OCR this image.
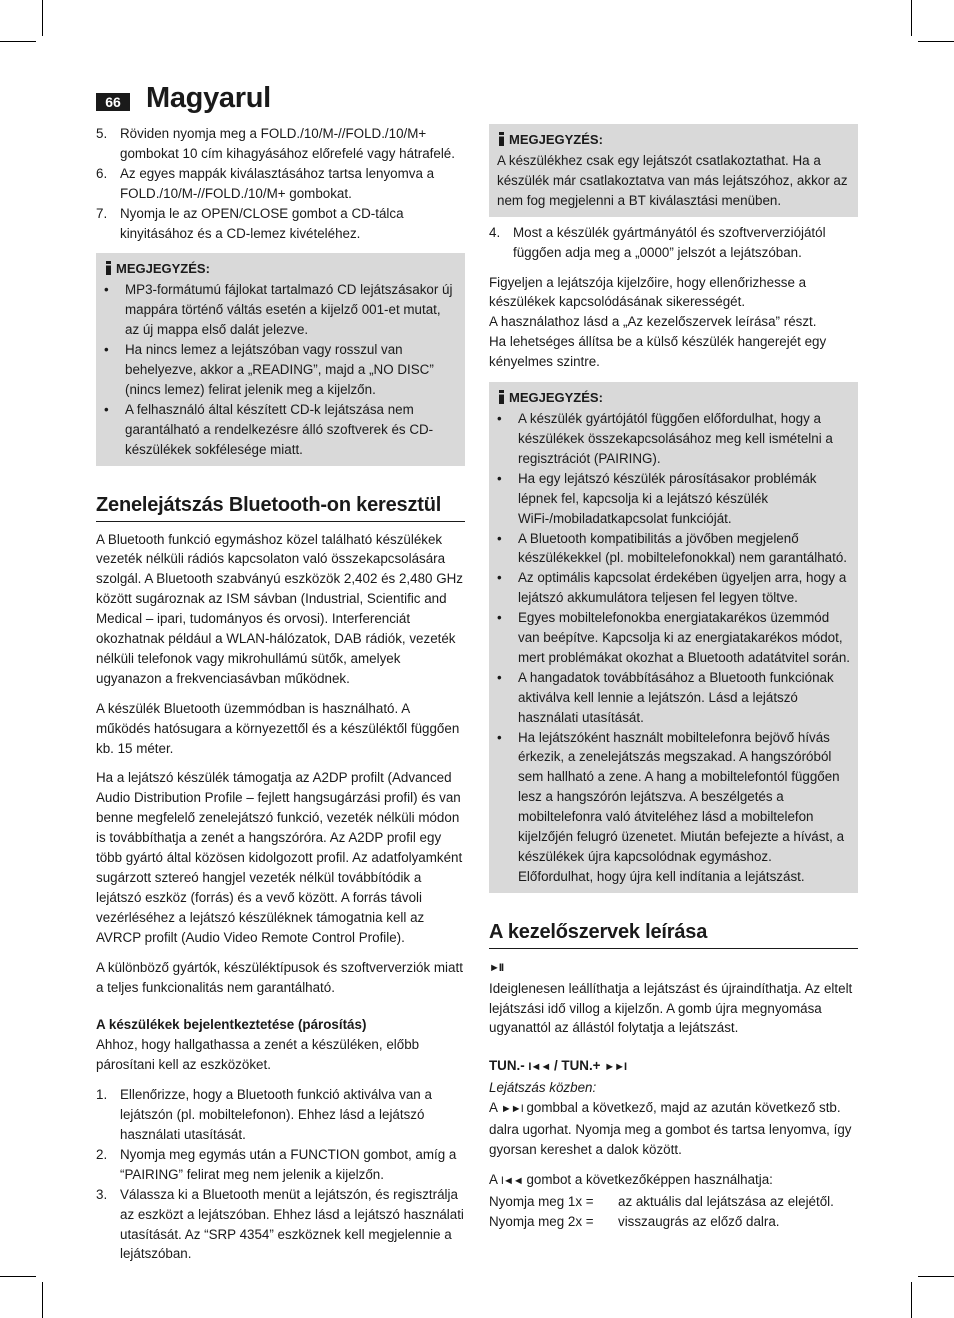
66 Magyarul
5. Röviden nyomja meg a FOLD./10/M-//FOLD./10/M+ gombokat 10 cím kihagyásához előrefelé vagy hátrafelé.
6. Az egyes mappák kiválasztásához tartsa lenyomva a FOLD./10/M-//FOLD./10/M+ gombokat.
7. Nyomja le az OPEN/CLOSE gombot a CD-tálca kinyitásához és a CD-lemez kivételéhez.
MEGJEGYZÉS:
• MP3-formátumú fájlokat tartalmazó CD lejátszásakor új mappára történő váltás esetén a kijelző 001-et mutat, az új mappa első dalát jelezve.
• Ha nincs lemez a lejátszóban vagy rosszul van behelyezve, akkor a „READING”, majd a „NO DISC” (nincs lemez) felirat jelenik meg a kijelzőn.
• A felhasználó által készített CD-k lejátszása nem garantálható a rendelkezésre álló szoftverek és CD-készülékek sokfélesége miatt.
Zenelejátszás Bluetooth-on keresztül

A Bluetooth funkció egymáshoz közel található készülékek vezeték nélküli rádiós kapcsolaton való összekapcsolására szolgál. A Bluetooth szabványú eszközök 2,402 és 2,480 GHz között sugároznak az ISM sávban (Industrial, Scientific and Medical – ipari, tudományos és orvosi). Interferenciát okozhatnak például a WLAN-hálózatok, DAB rádiók, vezeték nélküli telefonok vagy mikrohullámú sütők, amelyek ugyanazon a frekvenciasávban működnek.

A készülék Bluetooth üzemmódban is használható. A működés hatósugara a környezettől és a készüléktől függően kb. 15 méter.

Ha a lejátszó készülék támogatja az A2DP profilt (Advanced Audio Distribution Profile – fejlett hangsugárzási profil) és van benne megfelelő zenelejátszó funkció, vezeték nélküli módon is továbbíthatja a zenét a hangszóróra. Az A2DP profil egy több gyártó által közösen kidolgozott profil. Az adatfolyamként sugárzott sztereó hangjel vezeték nélkül továbbítódik a lejátszó eszköz (forrás) és a vevő között. A forrás távoli vezérléséhez a lejátszó készüléknek támogatnia kell az AVRCP profilt (Audio Video Remote Control Profile).

A különböző gyártók, készüléktípusok és szoftververziók miatt a teljes funkcionalitás nem garantálható.

A készülékek bejelentkeztetése (párosítás)

Ahhoz, hogy hallgathassa a zenét a készüléken, előbb párosítani kell az eszközöket.

1. Ellenőrizze, hogy a Bluetooth funkció aktiválva van a lejátszón (pl. mobiltelefonon). Ehhez lásd a lejátszó használati utasítását.
2. Nyomja meg egymás után a FUNCTION gombot, amíg a “PAIRING” felirat meg nem jelenik a kijelzőn.
3. Válassza ki a Bluetooth menüt a lejátszón, és regisztrálja az eszközt a lejátszóban. Ehhez lásd a lejátszó használati utasítását. Az “SRP 4354” eszköznek kell megjelennie a lejátszóban.
MEGJEGYZÉS:
A készülékhez csak egy lejátszót csatlakoztathat. Ha a készülék már csatlakoztatva van más lejátszóhoz, akkor az nem fog megjelenni a BT kiválasztási menüben.
4. Most a készülék gyártmányától és szoftververziójától függően adja meg a „0000” jelszót a lejátszóban.

Figyeljen a lejátszója kijelzőire, hogy ellenőrizhesse a készülékek kapcsolódásának sikerességét.

A használathoz lásd a „Az kezelőszervek leírása” részt.

Ha lehetséges állítsa be a külső készülék hangerejét egy kényelmes szintre.

MEGJEGYZÉS:
• A készülék gyártójától függően előfordulhat, hogy a készülékek összekapcsolásához meg kell ismételni a regisztrációt (PAIRING).
• Ha egy lejátszó készülék párosításakor problémák lépnek fel, kapcsolja ki a lejátszó készülék WiFi-/mobiladatkapcsolat funkcióját.
• A Bluetooth kompatibilitás a jövőben megjelenő készülékekkel (pl. mobiltelefonokkal) nem garantálható.
• Az optimális kapcsolat érdekében ügyeljen arra, hogy a lejátszó akkumulátora teljesen fel legyen töltve.
• Egyes mobiltelefonokba energiatakarékos üzemmód van beépítve. Kapcsolja ki az energiatakarékos módot, mert problémákat okozhat a Bluetooth adatátvitel során.
• A hangadatok továbbításához a Bluetooth funkciónak aktiválva kell lennie a lejátszón. Lásd a lejátszó használati utasítását.
• Ha lejátszóként használt mobiltelefonra bejövő hívás érkezik, a zenelejátszás megszakad. A hangszóróból sem hallható a zene. A hang a mobiltelefontól függően lesz a hangszórón lejátszva. A beszélgetés a mobiltelefonra való átviteléhez lásd a mobiltelefon kijelzőjén felugró üzenetet. Miután befejezte a hívást, a készülékek újra kapcsolódnak egymáshoz. Előfordulhat, hogy újra kell indítania a lejátszást.
A kezelőszervek leírása
►II

Ideiglenesen leállíthatja a lejátszást és újraindíthatja. Az eltelt lejátszási idő villog a kijelzőn. A gomb újra megnyomása ugyanattól az állástól folytatja a lejátszást.

TUN.- I◄◄ / TUN.+ ►►I
Lejátszás közben:

A ►►I gombbal a következő, majd az azután következő stb. dalra ugorhat. Nyomja meg a gombot és tartsa lenyomva, így gyorsan kereshet a dalok között.

A I◄◄ gombot a következőképpen használhatja:
Nyomja meg 1x =	az aktuális dal lejátszása az elejétől.
Nyomja meg 2x =	visszaugrás az előző dalra.
